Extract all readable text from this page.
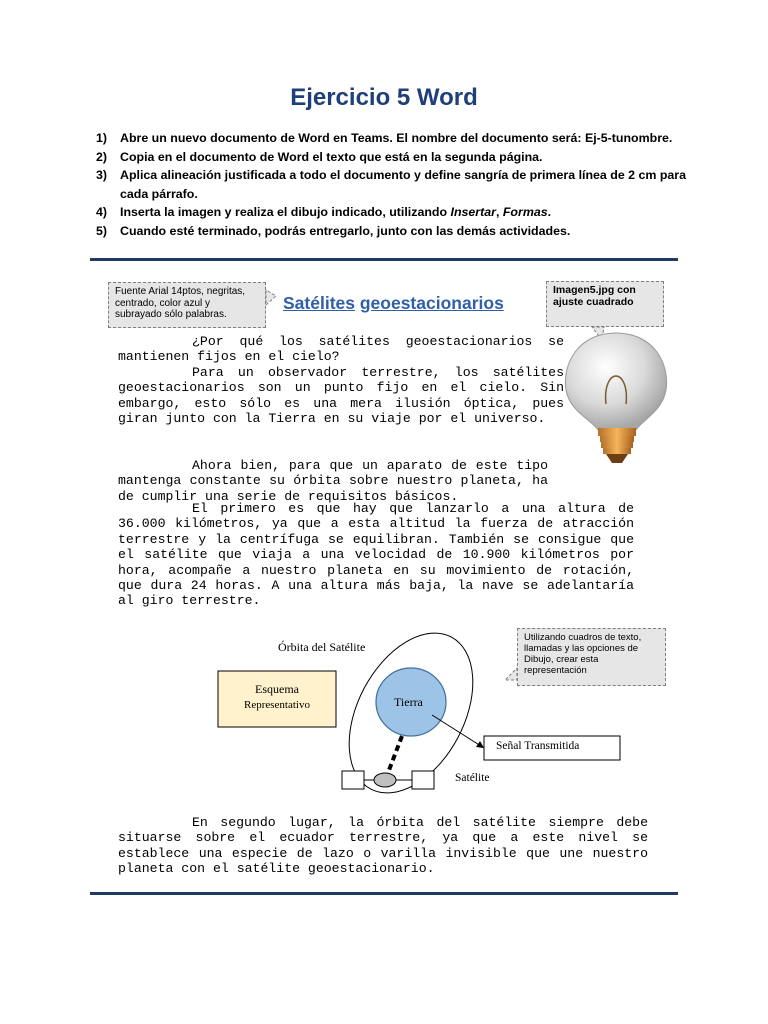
Ejercicio 5 Word
1)	Abre un nuevo documento de Word en Teams. El nombre del documento será: Ej-5-tunombre.
2)	Copia en el documento de Word el texto que está en la segunda página.
3)	Aplica alineación justificada a todo el documento y define sangría de primera línea de 2 cm para cada párrafo.
4)	Inserta la imagen y realiza el dibujo indicado, utilizando Insertar, Formas.
5)	Cuando esté terminado, podrás entregarlo, junto con las demás actividades.
Fuente Arial 14ptos, negritas, centrado, color azul y subrayado sólo palabras.
Imagen5.jpg con ajuste cuadrado
Satélites geoestacionarios

¿Por qué los satélites geoestacionarios se mantienen fijos en el cielo?

Para un observador terrestre, los satélites geoestacionarios son un punto fijo en el cielo. Sin embargo, esto sólo es una mera ilusión óptica, pues giran junto con la Tierra en su viaje por el universo.

Ahora bien, para que un aparato de este tipo mantenga constante su órbita sobre nuestro planeta, ha de cumplir una serie de requisitos básicos.

El primero es que hay que lanzarlo a una altura de 36.000 kilómetros, ya que a esta altitud la fuerza de atracción terrestre y la centrífuga se equilibran. También se consigue que el satélite que viaja a una velocidad de 10.900 kilómetros por hora, acompañe a nuestro planeta en su movimiento de rotación, que dura 24 horas. A una altura más baja, la nave se adelantaría al giro terrestre.

Utilizando cuadros de texto, llamadas y las opciones de Dibujo, crear esta representación
Órbita del Satélite
Esquema
Representativo	Tierra
Señal Transmitida
Satélite

En segundo lugar, la órbita del satélite siempre debe situarse sobre el ecuador terrestre, ya que a este nivel se establece una especie de lazo o varilla invisible que une nuestro planeta con el satélite geoestacionario.
